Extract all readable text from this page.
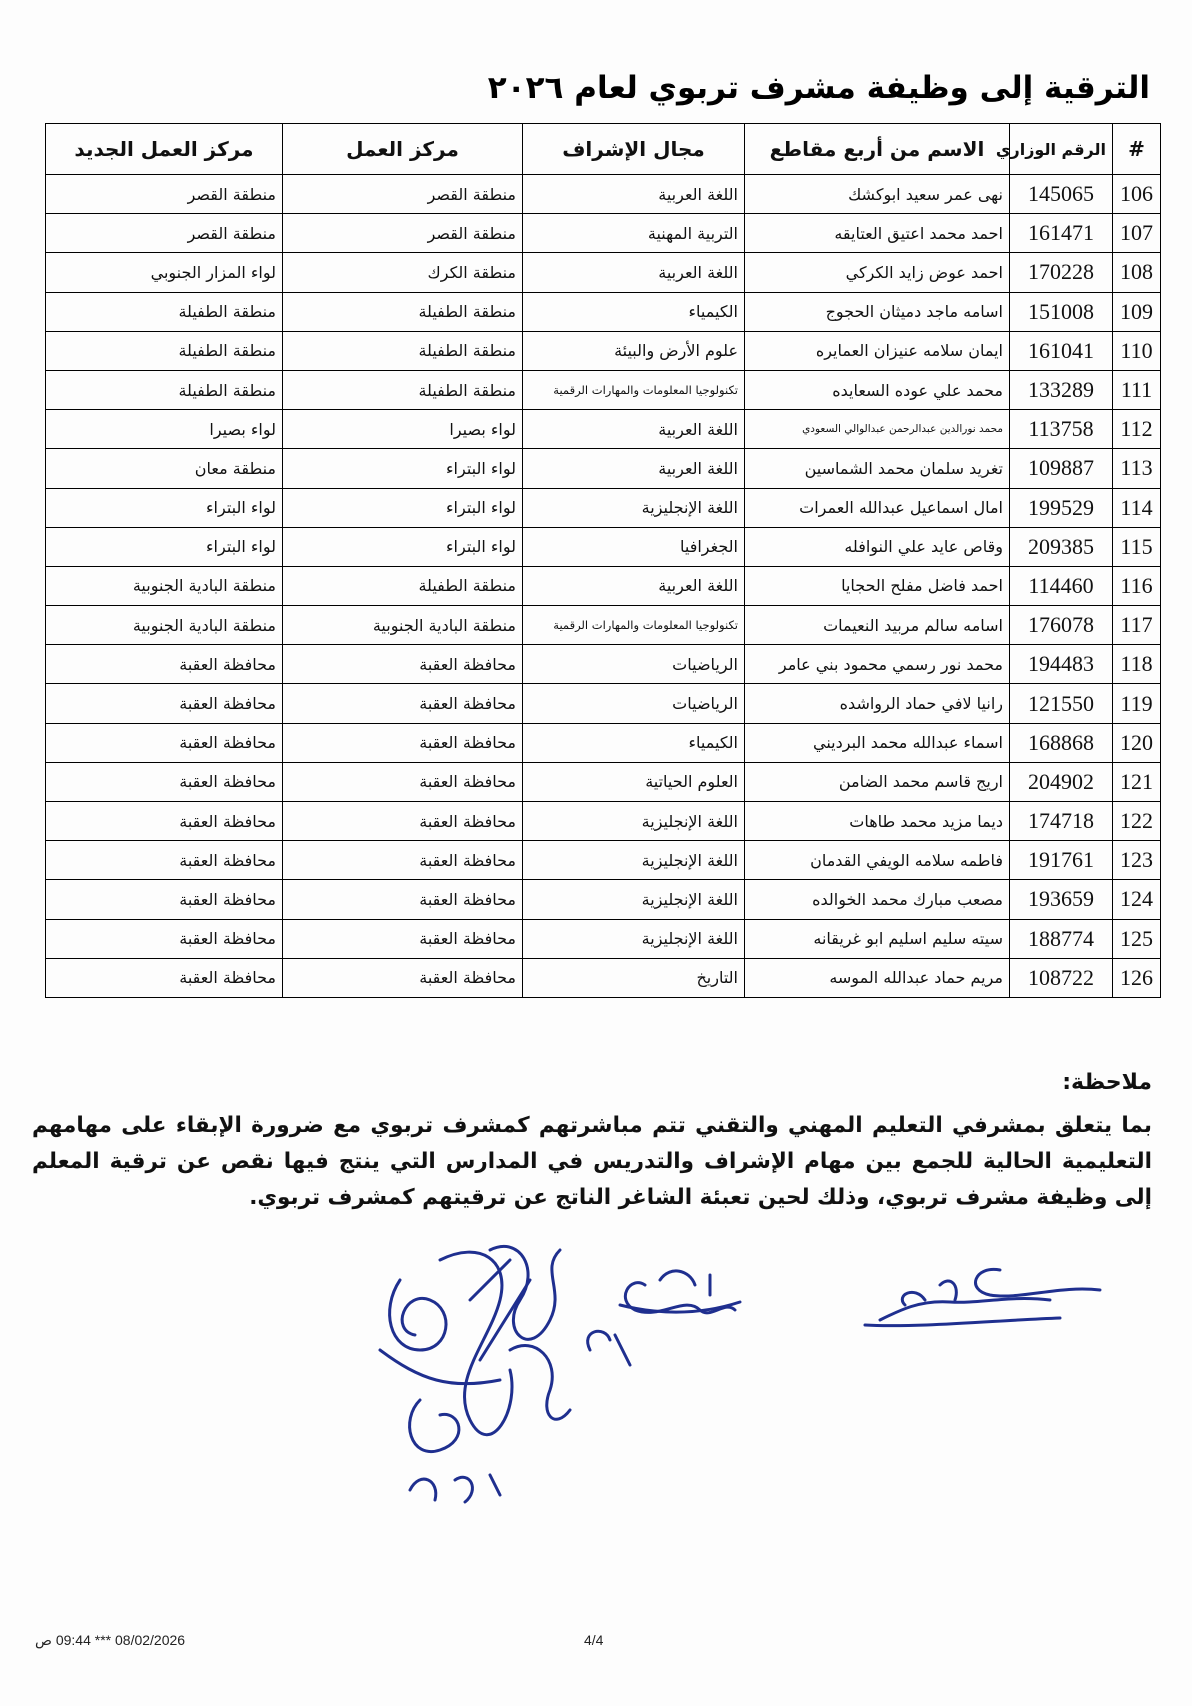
الترقية إلى وظيفة مشرف تربوي لعام ٢٠٢٦
#	الرقم الوزاري	الاسم من أربع مقاطع	مجال الإشراف	مركز العمل	مركز العمل الجديد
106	145065	نهى عمر سعيد ابوكشك	اللغة العربية	منطقة القصر	منطقة القصر
107	161471	احمد محمد اعتيق العتايقه	التربية المهنية	منطقة القصر	منطقة القصر
108	170228	احمد عوض زايد الكركي	اللغة العربية	منطقة الكرك	لواء المزار الجنوبي
109	151008	اسامه ماجد دميثان الحجوج	الكيمياء	منطقة الطفيلة	منطقة الطفيلة
110	161041	ايمان سلامه عنيزان العمايره	علوم الأرض والبيئة	منطقة الطفيلة	منطقة الطفيلة
111	133289	محمد علي عوده السعايده	تكنولوجيا المعلومات والمهارات الرقمية	منطقة الطفيلة	منطقة الطفيلة
112	113758	محمد نورالدين عبدالرحمن عبدالوالي السعودي	اللغة العربية	لواء بصيرا	لواء بصيرا
113	109887	تغريد سلمان محمد الشماسين	اللغة العربية	لواء البتراء	منطقة معان
114	199529	امال اسماعيل عبدالله العمرات	اللغة الإنجليزية	لواء البتراء	لواء البتراء
115	209385	وقاص عايد علي النوافله	الجغرافيا	لواء البتراء	لواء البتراء
116	114460	احمد فاضل مفلح الحجايا	اللغة العربية	منطقة الطفيلة	منطقة البادية الجنوبية
117	176078	اسامه سالم مربيد النعيمات	تكنولوجيا المعلومات والمهارات الرقمية	منطقة البادية الجنوبية	منطقة البادية الجنوبية
118	194483	محمد نور رسمي محمود بني عامر	الرياضيات	محافظة العقبة	محافظة العقبة
119	121550	رانيا لافي حماد الرواشده	الرياضيات	محافظة العقبة	محافظة العقبة
120	168868	اسماء عبدالله محمد البرديني	الكيمياء	محافظة العقبة	محافظة العقبة
121	204902	اريج قاسم محمد الضامن	العلوم الحياتية	محافظة العقبة	محافظة العقبة
122	174718	ديما مزيد محمد طاهات	اللغة الإنجليزية	محافظة العقبة	محافظة العقبة
123	191761	فاطمه سلامه الويفي القدمان	اللغة الإنجليزية	محافظة العقبة	محافظة العقبة
124	193659	مصعب مبارك محمد الخوالده	اللغة الإنجليزية	محافظة العقبة	محافظة العقبة
125	188774	سيته سليم اسليم ابو غريقانه	اللغة الإنجليزية	محافظة العقبة	محافظة العقبة
126	108722	مريم حماد عبدالله الموسه	التاريخ	محافظة العقبة	محافظة العقبة
ملاحظة:
بما يتعلق بمشرفي التعليم المهني والتقني تتم مباشرتهم كمشرف تربوي مع ضرورة الإبقاء على مهامهم التعليمية الحالية للجمع بين مهام الإشراف والتدريس في المدارس التي ينتج فيها نقص عن ترقية المعلم إلى وظيفة مشرف تربوي، وذلك لحين تعبئة الشاغر الناتج عن ترقيتهم كمشرف تربوي.
08/02/2026 *** 09:44 ص	4/4
